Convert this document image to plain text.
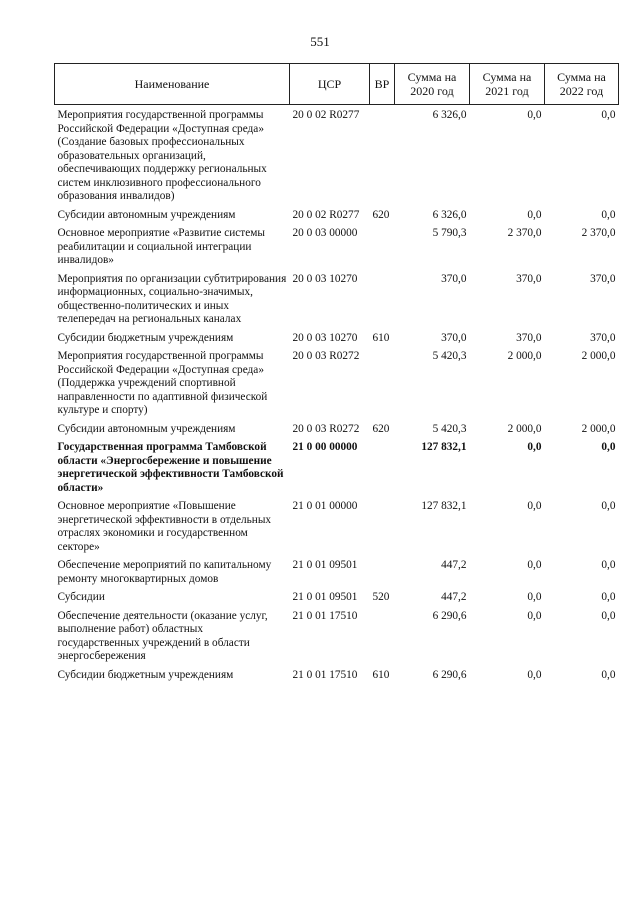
551
Наименование	ЦСР	ВР	Сумма на 2020 год	Сумма на 2021 год	Сумма на 2022 год
Мероприятия государственной программы Российской Федерации «Доступная среда» (Создание базовых профессиональных образовательных организаций, обеспечивающих поддержку региональных систем инклюзивного профессионального образования инвалидов)	20 0 02 R0277		6 326,0	0,0	0,0
Субсидии автономным учреждениям	20 0 02 R0277	620	6 326,0	0,0	0,0
Основное мероприятие «Развитие системы реабилитации и социальной интеграции инвалидов»	20 0 03 00000		5 790,3	2 370,0	2 370,0
Мероприятия по организации субтитрирования информационных, социально-значимых, общественно-политических и иных телепередач на региональных каналах	20 0 03 10270		370,0	370,0	370,0
Субсидии бюджетным учреждениям	20 0 03 10270	610	370,0	370,0	370,0
Мероприятия государственной программы Российской Федерации «Доступная среда» (Поддержка учреждений спортивной направленности по адаптивной физической культуре и спорту)	20 0 03 R0272		5 420,3	2 000,0	2 000,0
Субсидии автономным учреждениям	20 0 03 R0272	620	5 420,3	2 000,0	2 000,0
Государственная программа Тамбовской области «Энергосбережение и повышение энергетической эффективности Тамбовской области»	21 0 00 00000		127 832,1	0,0	0,0
Основное мероприятие «Повышение энергетической эффективности в отдельных отраслях экономики и государственном секторе»	21 0 01 00000		127 832,1	0,0	0,0
Обеспечение мероприятий по капитальному ремонту многоквартирных домов	21 0 01 09501		447,2	0,0	0,0
Субсидии	21 0 01 09501	520	447,2	0,0	0,0
Обеспечение деятельности (оказание услуг, выполнение работ) областных государственных учреждений в области энергосбережения	21 0 01 17510		6 290,6	0,0	0,0
Субсидии бюджетным учреждениям	21 0 01 17510	610	6 290,6	0,0	0,0
